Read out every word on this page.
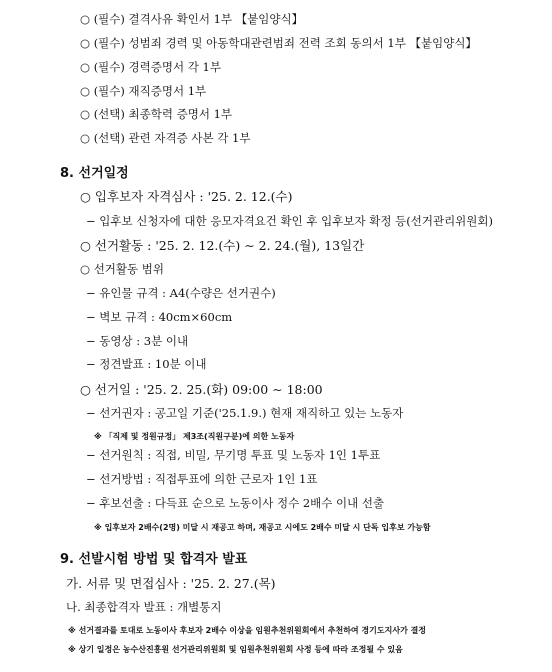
○ (필수) 결격사유 확인서 1부 【붙임양식】
○ (필수) 성범죄 경력 및 아동학대관련범죄 전력 조회 동의서 1부 【붙임양식】
○ (필수) 경력증명서 각 1부
○ (필수) 재직증명서 1부
○ (선택) 최종학력 증명서 1부
○ (선택) 관련 자격증 사본 각 1부
8. 선거일정
○ 입후보자 자격심사 : '25. 2. 12.(수)
− 입후보 신청자에 대한 응모자격요건 확인 후 입후보자 확정 등(선거관리위원회)
○ 선거활동 : '25. 2. 12.(수) ∼ 2. 24.(월), 13일간
○ 선거활동 범위
− 유인물 규격 : A4(수량은 선거권수)
− 벽보 규격 : 40cm×60cm
− 동영상 : 3분 이내
− 정견발표 : 10분 이내
○ 선거일 : '25. 2. 25.(화) 09:00 ∼ 18:00
− 선거권자 : 공고일 기준('25.1.9.) 현재 재직하고 있는 노동자
※ 「직제 및 정원규정」 제3조(직원구분)에 의한 노동자
− 선거원칙 : 직접, 비밀, 무기명 투표 및 노동자 1인 1투표
− 선거방법 : 직접투표에 의한 근로자 1인 1표
− 후보선출 : 다득표 순으로 노동이사 정수 2배수 이내 선출
※ 입후보자 2배수(2명) 미달 시 재공고 하며, 재공고 시에도 2배수 미달 시 단독 입후보 가능함
9. 선발시험 방법 및 합격자 발표
가. 서류 및 면접심사 : '25. 2. 27.(목)
나. 최종합격자 발표 : 개별통지
※ 선거결과를 토대로 노동이사 후보자 2배수 이상을 임원추천위원회에서 추천하여 경기도지사가 결정
※ 상기 일정은 농수산진흥원 선거관리위원회 및 임원추천위원회 사정 등에 따라 조정될 수 있음
